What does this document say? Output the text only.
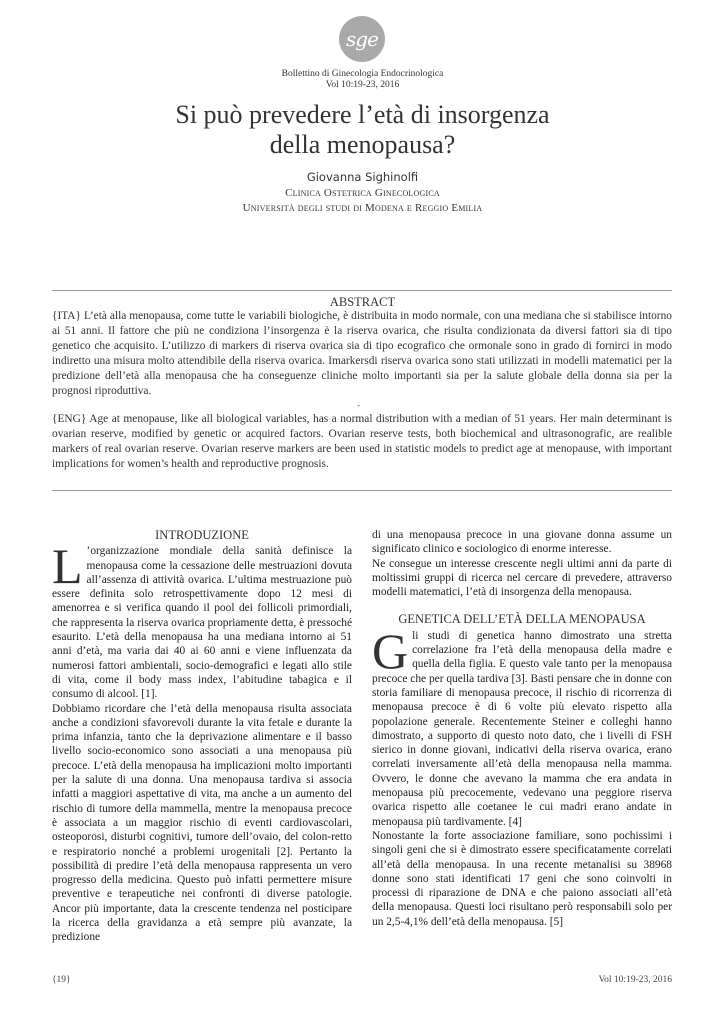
sge
Bollettino di Ginecologia Endocrinologica
Vol 10:19-23, 2016
Si può prevedere l’età di insorgenza
della menopausa?
Giovanna Sighinolfi
Clinica Ostetrica Ginecologica
Università degli studi di Modena e Reggio Emilia
ABSTRACT

{ITA} L’età alla menopausa, come tutte le variabili biologiche, è distribuita in modo normale, con una mediana che si stabilisce intorno ai 51 anni. Il fattore che più ne condiziona l’insorgenza è la riserva ovarica, che risulta condizionata da diversi fattori sia di tipo genetico che acquisito. L’utilizzo di markers di riserva ovarica sia di tipo ecografico che ormonale sono in grado di fornirci in modo indiretto una misura molto attendibile della riserva ovarica. Imarkersdi riserva ovarica sono stati utilizzati in modelli matematici per la predizione dell’età alla menopausa che ha conseguenze cliniche molto importanti sia per la salute globale della donna sia per la prognosi riproduttiva.

-

{ENG} Age at menopause, like all biological variables, has a normal distribution with a median of 51 years. Her main determinant is ovarian reserve, modified by genetic or acquired factors. Ovarian reserve tests, both biochemical and ultrasonografic, are realible markers of real ovarian reserve. Ovarian reserve markers are been used in statistic models to predict age at menopause, with important implications for women’s health and reproductive prognosis.

INTRODUZIONE

L ’organizzazione mondiale della sanità definisce la menopausa come la cessazione delle mestruazioni dovuta all’assenza di attività ovarica. L’ultima mestruazione può essere definita solo retrospettivamente dopo 12 mesi di amenorrea e si verifica quando il pool dei follicoli primordiali, che rappresenta la riserva ovarica propriamente detta, è pressoché esaurito. L’età della menopausa ha una mediana intorno ai 51 anni d’età, ma varia dai 40 ai 60 anni e viene influenzata da numerosi fattori ambientali, socio-demografici e legati allo stile di vita, come il body mass index, l’abitudine tabagica e il consumo di alcool. [1].

Dobbiamo ricordare che l’età della menopausa risulta associata anche a condizioni sfavorevoli durante la vita fetale e durante la prima infanzia, tanto che la deprivazione alimentare e il basso livello socio-economico sono associati a una menopausa più precoce. L’età della menopausa ha implicazioni molto importanti per la salute di una donna. Una menopausa tardiva si associa infatti a maggiori aspettative di vita, ma anche a un aumento del rischio di tumore della mammella, mentre la menopausa precoce è associata a un maggior rischio di eventi cardiovascolari, osteoporosi, disturbi cognitivi, tumore dell’ovaio, del colon-retto e respiratorio nonché a problemi urogenitali [2]. Pertanto la possibilità di predire l’età della menopausa rappresenta un vero progresso della medicina. Questo può infatti permettere misure preventive e terapeutiche nei confronti di diverse patologie. Ancor più importante, data la crescente tendenza nel posticipare la ricerca della gravidanza a età sempre più avanzate, la predizione

di una menopausa precoce in una giovane donna assume un significato clinico e sociologico di enorme interesse.

Ne consegue un interesse crescente negli ultimi anni da parte di moltissimi gruppi di ricerca nel cercare di prevedere, attraverso modelli matematici, l’età di insorgenza della menopausa.

GENETICA DELL’ETÀ DELLA MENOPAUSA

Gli studi di genetica hanno dimostrato una stretta correlazione fra l’età della menopausa della madre e quella della figlia. E questo vale tanto per la menopausa precoce che per quella tardiva [3]. Basti pensare che in donne con storia familiare di menopausa precoce, il rischio di ricorrenza di menopausa precoce è di 6 volte più elevato rispetto alla popolazione generale. Recentemente Steiner e colleghi hanno dimostrato, a supporto di questo noto dato, che i livelli di FSH sierico in donne giovani, indicativi della riserva ovarica, erano correlati inversamente all’età della menopausa nella mamma. Ovvero, le donne che avevano la mamma che era andata in menopausa più precocemente, vedevano una peggiore riserva ovarica rispetto alle coetanee le cui madri erano andate in menopausa più tardivamente. [4]

Nonostante la forte associazione familiare, sono pochissimi i singoli geni che si è dimostrato essere specificatamente correlati all’età della menopausa. In una recente metanalisi su 38968 donne sono stati identificati 17 geni che sono coinvolti in processi di riparazione de DNA e che paiono associati all’età della menopausa. Questi loci risultano però responsabili solo per un 2,5-4,1% dell’età della menopausa. [5]

{19}	Vol 10:19-23, 2016
